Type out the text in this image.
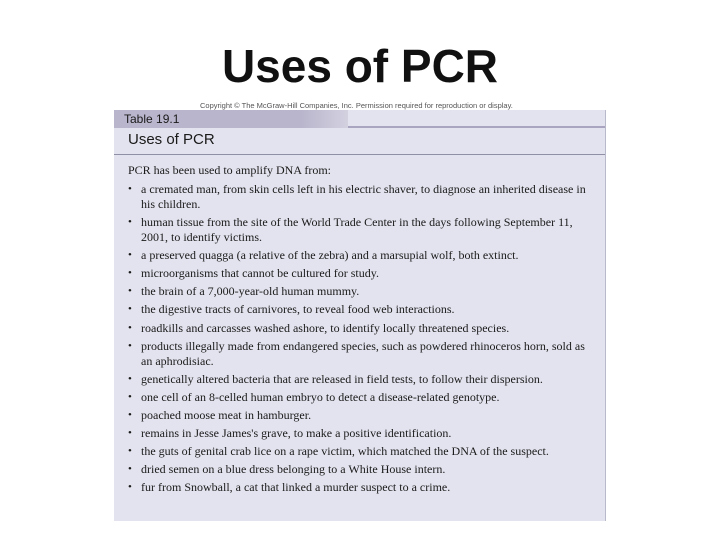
Uses of PCR
Copyright © The McGraw-Hill Companies, Inc. Permission required for reproduction or display.
Table 19.1
Uses of PCR
PCR has been used to amplify DNA from:
• a cremated man, from skin cells left in his electric shaver, to diagnose an inherited disease in his children.
• human tissue from the site of the World Trade Center in the days following September 11, 2001, to identify victims.
• a preserved quagga (a relative of the zebra) and a marsupial wolf, both extinct.
• microorganisms that cannot be cultured for study.
• the brain of a 7,000-year-old human mummy.
• the digestive tracts of carnivores, to reveal food web interactions.
• roadkills and carcasses washed ashore, to identify locally threatened species.
• products illegally made from endangered species, such as powdered rhinoceros horn, sold as an aphrodisiac.
• genetically altered bacteria that are released in field tests, to follow their dispersion.
• one cell of an 8-celled human embryo to detect a disease-related genotype.
• poached moose meat in hamburger.
• remains in Jesse James's grave, to make a positive identification.
• the guts of genital crab lice on a rape victim, which matched the DNA of the suspect.
• dried semen on a blue dress belonging to a White House intern.
• fur from Snowball, a cat that linked a murder suspect to a crime.
